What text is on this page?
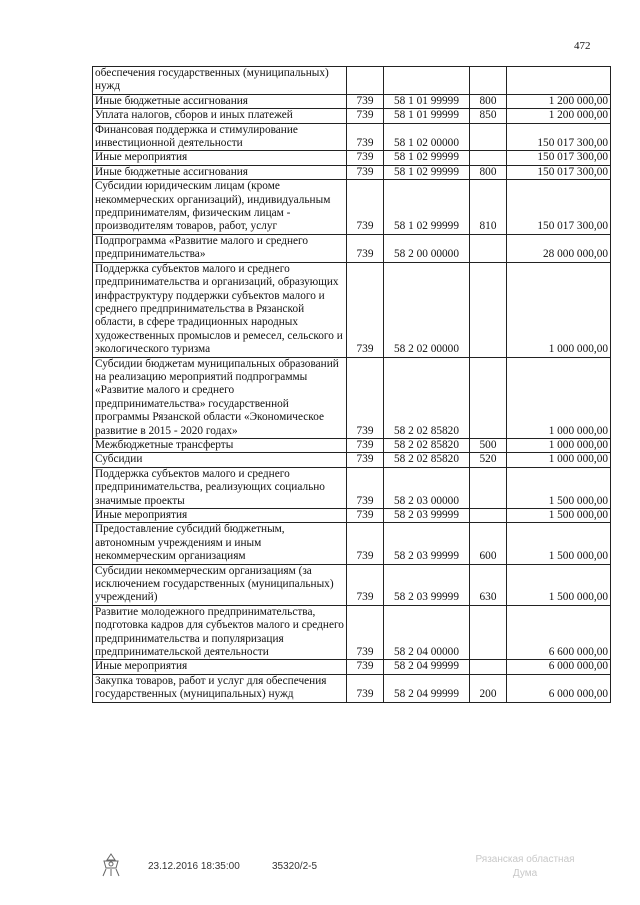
472
обеспечения государственных (муниципальных) нужд				
Иные бюджетные ассигнования	739	58 1 01 99999	800	1 200 000,00
Уплата налогов, сборов и иных платежей	739	58 1 01 99999	850	1 200 000,00
Финансовая поддержка и стимулирование инвестиционной деятельности	739	58 1 02 00000		150 017 300,00
Иные мероприятия	739	58 1 02 99999		150 017 300,00
Иные бюджетные ассигнования	739	58 1 02 99999	800	150 017 300,00
Субсидии юридическим лицам (кроме некоммерческих организаций), индивидуальным предпринимателям, физическим лицам - производителям товаров, работ, услуг	739	58 1 02 99999	810	150 017 300,00
Подпрограмма «Развитие малого и среднего предпринимательства»	739	58 2 00 00000		28 000 000,00
Поддержка субъектов малого и среднего предпринимательства и организаций, образующих инфраструктуру поддержки субъектов малого и среднего предпринимательства в Рязанской области, в сфере традиционных народных художественных промыслов и ремесел, сельского и экологического туризма	739	58 2 02 00000		1 000 000,00
Субсидии бюджетам муниципальных образований на реализацию мероприятий подпрограммы «Развитие малого и среднего предпринимательства» государственной программы Рязанской области «Экономическое развитие в 2015 - 2020 годах»	739	58 2 02 85820		1 000 000,00
Межбюджетные трансферты	739	58 2 02 85820	500	1 000 000,00
Субсидии	739	58 2 02 85820	520	1 000 000,00
Поддержка субъектов малого и среднего предпринимательства, реализующих социально значимые проекты	739	58 2 03 00000		1 500 000,00
Иные мероприятия	739	58 2 03 99999		1 500 000,00
Предоставление субсидий бюджетным, автономным учреждениям и иным некоммерческим организациям	739	58 2 03 99999	600	1 500 000,00
Субсидии некоммерческим организациям (за исключением государственных (муниципальных) учреждений)	739	58 2 03 99999	630	1 500 000,00
Развитие молодежного предпринимательства, подготовка кадров для субъектов малого и среднего предпринимательства и популяризация предпринимательской деятельности	739	58 2 04 00000		6 600 000,00
Иные мероприятия	739	58 2 04 99999		6 000 000,00
Закупка товаров, работ и услуг для обеспечения государственных (муниципальных) нужд	739	58 2 04 99999	200	6 000 000,00
23.12.2016 18:35:00	35320/2-5
Рязанская областная
Дума
